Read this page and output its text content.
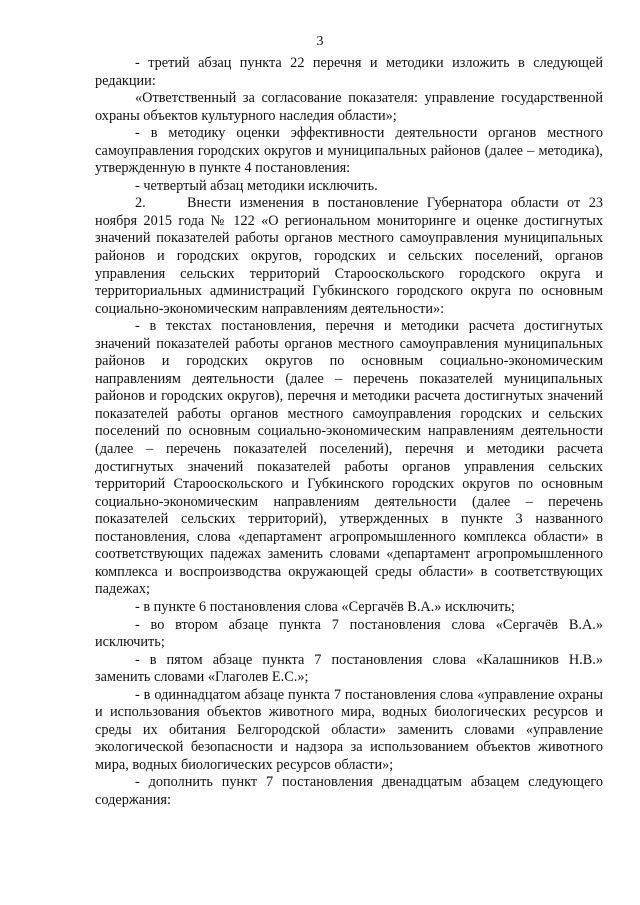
3

- третий абзац пункта 22 перечня и методики изложить в следующей редакции:

«Ответственный за согласование показателя: управление государственной охраны объектов культурного наследия области»;

- в методику оценки эффективности деятельности органов местного самоуправления городских округов и муниципальных районов (далее – методика), утвержденную в пункте 4 постановления:

- четвертый абзац методики исключить.

2.	Внести изменения в постановление Губернатора области от 23 ноября 2015 года № 122 «О региональном мониторинге и оценке достигнутых значений показателей работы органов местного самоуправления муниципальных районов и городских округов, городских и сельских поселений, органов управления сельских территорий Старооскольского городского округа и территориальных администраций Губкинского городского округа по основным социально-экономическим направлениям деятельности»:

- в текстах постановления, перечня и методики расчета достигнутых значений показателей работы органов местного самоуправления муниципальных районов и городских округов по основным социально-экономическим направлениям деятельности (далее – перечень показателей муниципальных районов и городских округов), перечня и методики расчета достигнутых значений показателей работы органов местного самоуправления городских и сельских поселений по основным социально-экономическим направлениям деятельности (далее – перечень показателей поселений), перечня и методики расчета достигнутых значений показателей работы органов управления сельских территорий Старооскольского и Губкинского городских округов по основным социально-экономическим направлениям деятельности (далее – перечень показателей сельских территорий), утвержденных в пункте 3 названного постановления, слова «департамент агропромышленного комплекса области» в соответствующих падежах заменить словами «департамент агропромышленного комплекса и воспроизводства окружающей среды области» в соответствующих падежах;

- в пункте 6 постановления слова «Сергачёв В.А.» исключить;

- во втором абзаце пункта 7 постановления слова «Сергачёв В.А.» исключить;

- в пятом абзаце пункта 7 постановления слова «Калашников Н.В.» заменить словами «Глаголев Е.С.»;

- в одиннадцатом абзаце пункта 7 постановления слова «управление охраны и использования объектов животного мира, водных биологических ресурсов и среды их обитания Белгородской области» заменить словами «управление экологической безопасности и надзора за использованием объектов животного мира, водных биологических ресурсов области»;

- дополнить пункт 7 постановления двенадцатым абзацем следующего содержания:
